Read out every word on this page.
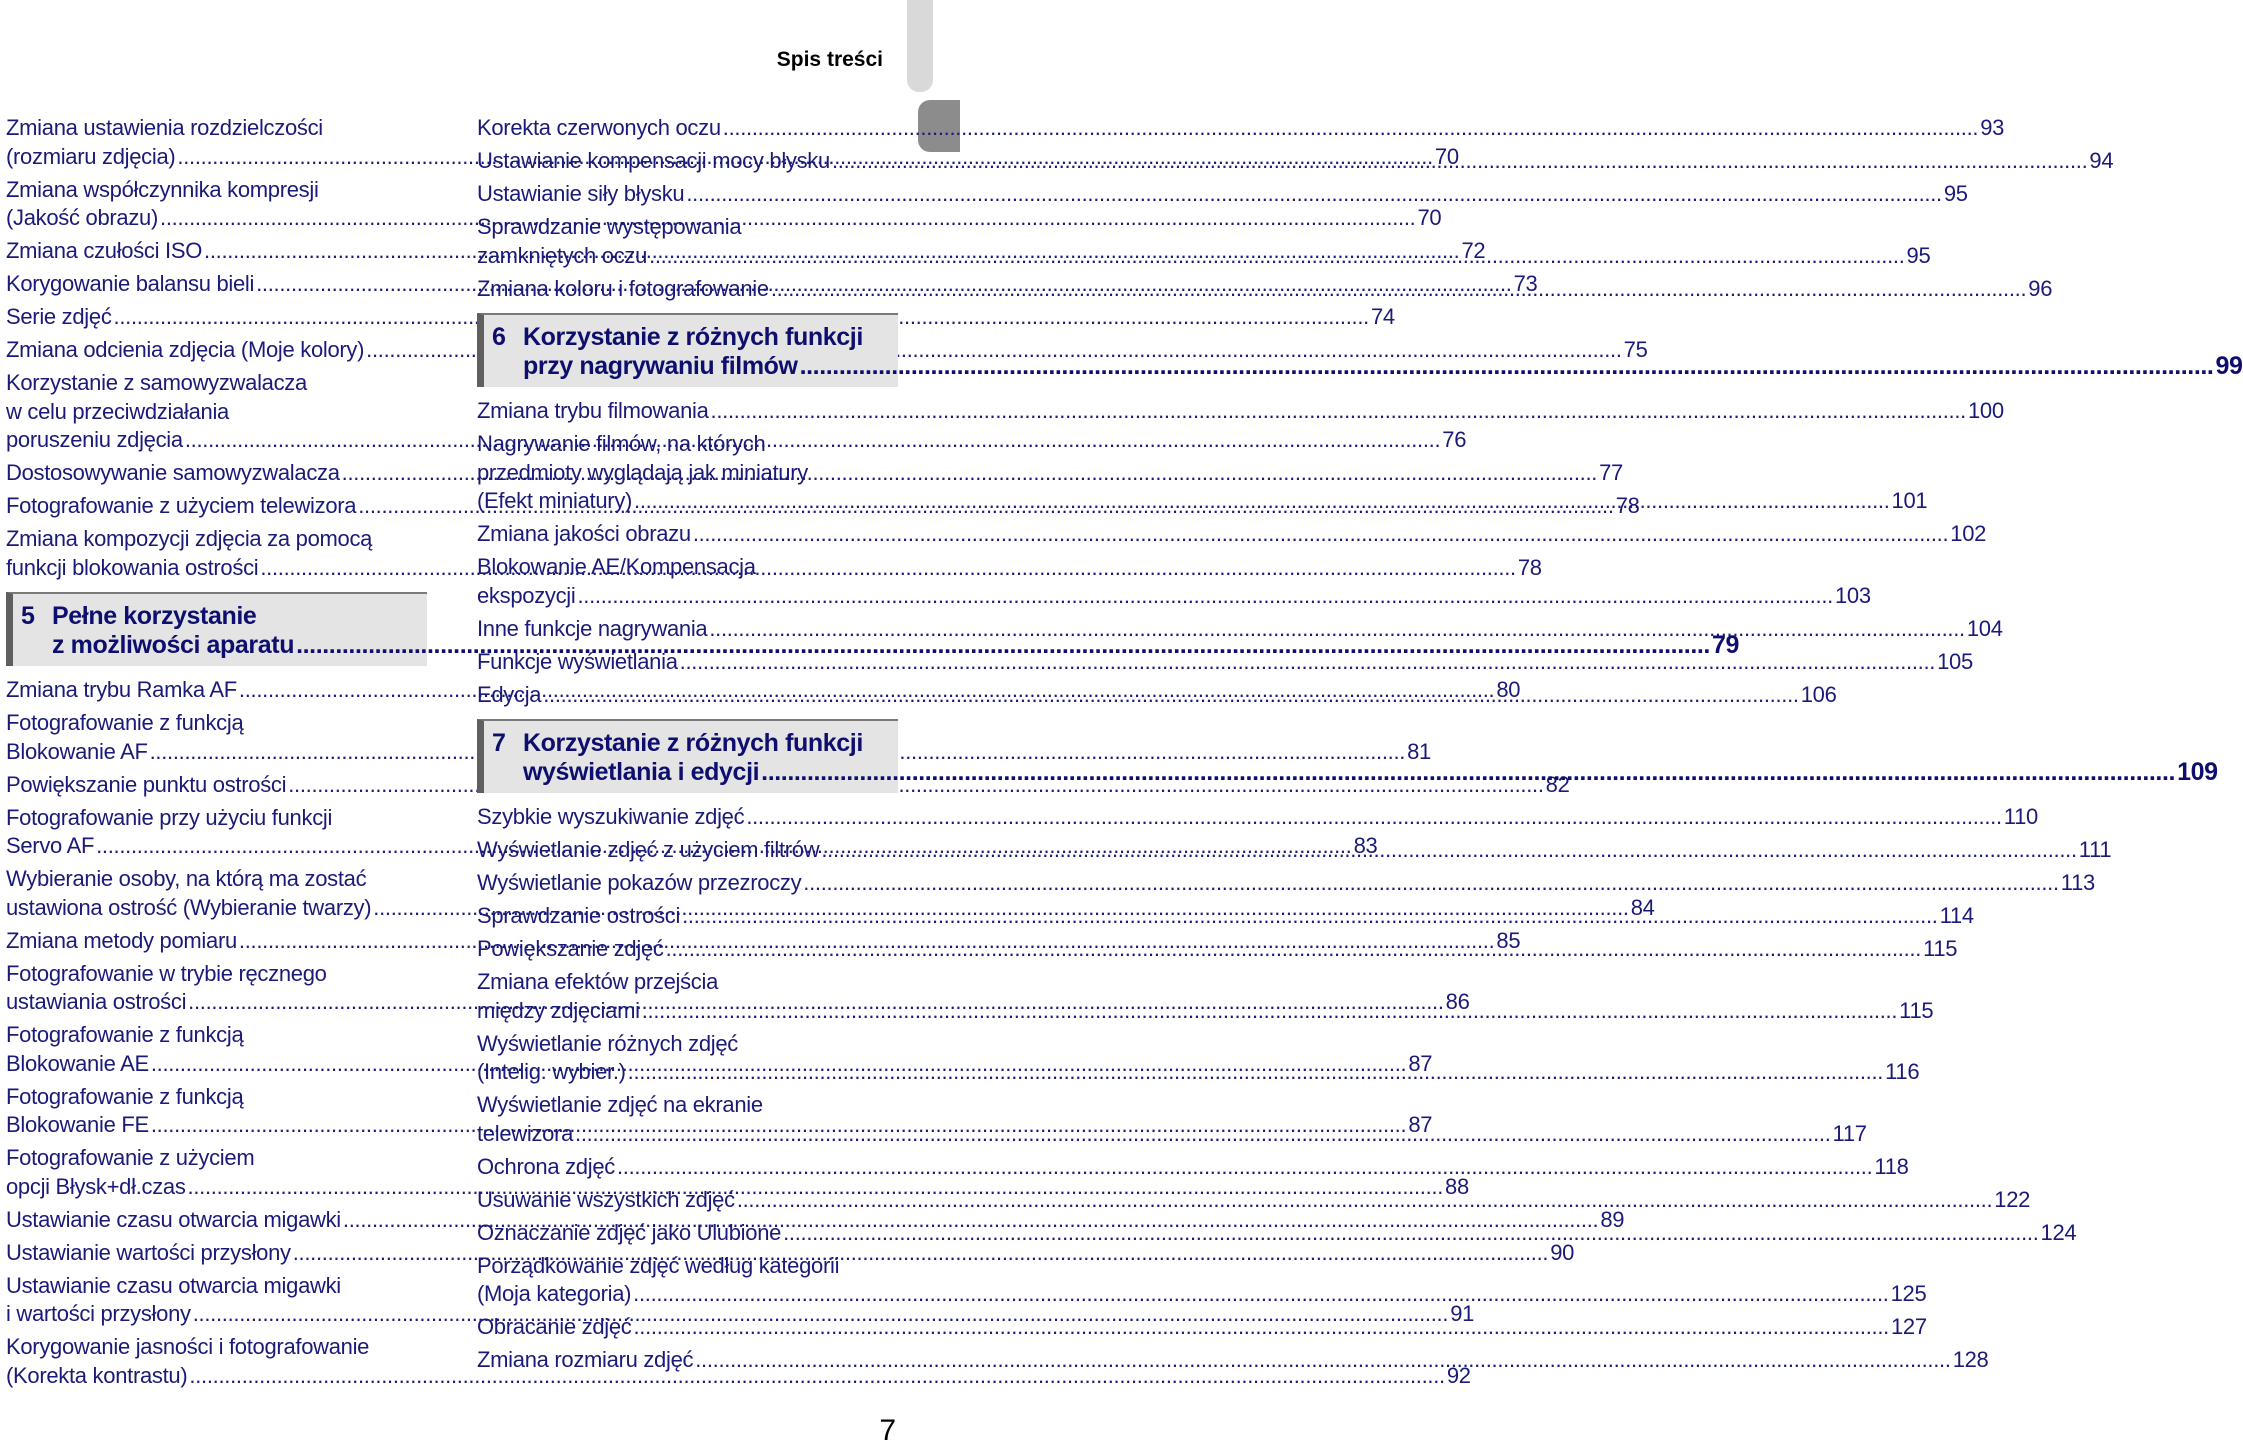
Spis treści
Zmiana ustawienia rozdzielczości
(rozmiaru zdjęcia) .....	70
Zmiana współczynnika kompresji
(Jakość obrazu) .....	70
Zmiana czułości ISO .....	72
Korygowanie balansu bieli .....	73
Serie zdjęć .....	74
Zmiana odcienia zdjęcia (Moje kolory) .....	75
Korzystanie z samowyzwalacza
w celu przeciwdziałania
poruszeniu zdjęcia .....	76
Dostosowywanie samowyzwalacza .....	77
Fotografowanie z użyciem telewizora .....	78
Zmiana kompozycji zdjęcia za pomocą
funkcji blokowania ostrości .....	78
5 Pełne korzystanie
z możliwości aparatu .....	79
Zmiana trybu Ramka AF .....	80
Fotografowanie z funkcją
Blokowanie AF .....	81
Powiększanie punktu ostrości .....	82
Fotografowanie przy użyciu funkcji
Servo AF .....	83
Wybieranie osoby, na którą ma zostać
ustawiona ostrość (Wybieranie twarzy) .....	84
Zmiana metody pomiaru .....	85
Fotografowanie w trybie ręcznego
ustawiania ostrości .....	86
Fotografowanie z funkcją
Blokowanie AE .....	87
Fotografowanie z funkcją
Blokowanie FE .....	87
Fotografowanie z użyciem
opcji Błysk+dł.czas .....	88
Ustawianie czasu otwarcia migawki .....	89
Ustawianie wartości przysłony .....	90
Ustawianie czasu otwarcia migawki
i wartości przysłony .....	91
Korygowanie jasności i fotografowanie
(Korekta kontrastu) .....	92
Korekta czerwonych oczu .....	93
Ustawianie kompensacji mocy błysku .....	94
Ustawianie siły błysku .....	95
Sprawdzanie występowania
zamkniętych oczu .....	95
Zmiana koloru i fotografowanie .....	96
6 Korzystanie z różnych funkcji
przy nagrywaniu filmów .....	99
Zmiana trybu filmowania .....	100
Nagrywanie filmów, na których
przedmioty wyglądają jak miniatury
(Efekt miniatury) .....	101
Zmiana jakości obrazu .....	102
Blokowanie AE/Kompensacja
ekspozycji .....	103
Inne funkcje nagrywania .....	104
Funkcje wyświetlania .....	105
Edycja .....	106
7 Korzystanie z różnych funkcji
wyświetlania i edycji .....	109
Szybkie wyszukiwanie zdjęć .....	110
Wyświetlanie zdjęć z użyciem filtrów .....	111
Wyświetlanie pokazów przezroczy .....	113
Sprawdzanie ostrości .....	114
Powiększanie zdjęć .....	115
Zmiana efektów przejścia
między zdjęciami .....	115
Wyświetlanie różnych zdjęć
(Intelig. wybier.) .....	116
Wyświetlanie zdjęć na ekranie
telewizora .....	117
Ochrona zdjęć .....	118
Usuwanie wszystkich zdjęć .....	122
Oznaczanie zdjęć jako Ulubione .....	124
Porządkowanie zdjęć według kategorii
(Moja kategoria) .....	125
Obracanie zdjęć .....	127
Zmiana rozmiaru zdjęć .....	128
7
